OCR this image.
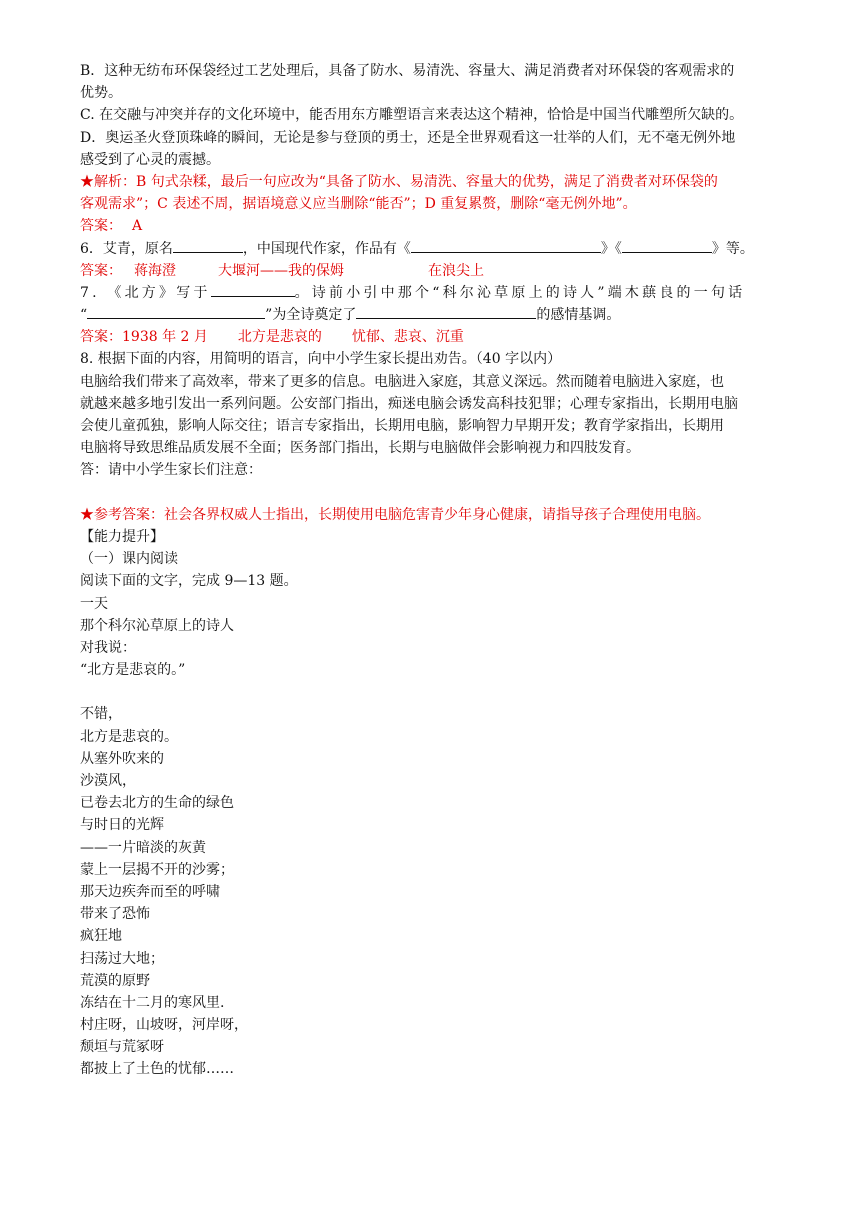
B．这种无纺布环保袋经过工艺处理后，具备了防水、易清洗、容量大、满足消费者对环保袋的客观需求的
优势。
C. 在交融与冲突并存的文化环境中，能否用东方雕塑语言来表达这个精神，恰恰是中国当代雕塑所欠缺的。
D．奥运圣火登顶珠峰的瞬间，无论是参与登顶的勇士，还是全世界观看这一壮举的人们，无不毫无例外地
感受到了心灵的震撼。
★解析：B 句式杂糅，最后一句应改为“具备了防水、易清洗、容量大的优势，满足了消费者对环保袋的
客观需求”；C 表述不周，据语境意义应当删除“能否”；D 重复累赘，删除“毫无例外地”。
答案： A
6．艾青，原名	，中国现代作家，作品有《	》《	》等。
答案： 蒋海澄	大堰河——我的保姆	在浪尖上
7. 《北方》写于	。诗前小引中那个“科尔沁草原上的诗人”端木蕻良的一句话
“	”为全诗奠定了	的感情基调。
答案：1938 年 2 月 北方是悲哀的 忧郁、悲哀、沉重
8. 根据下面的内容，用简明的语言，向中小学生家长提出劝告。（40 字以内）
电脑给我们带来了高效率，带来了更多的信息。电脑进入家庭，其意义深远。然而随着电脑进入家庭，也
就越来越多地引发出一系列问题。公安部门指出，痴迷电脑会诱发高科技犯罪；心理专家指出，长期用电脑
会使儿童孤独，影响人际交往；语言专家指出，长期用电脑，影响智力早期开发；教育学家指出，长期用
电脑将导致思维品质发展不全面；医务部门指出，长期与电脑做伴会影响视力和四肢发育。
答：请中小学生家长们注意：
★参考答案：社会各界权威人士指出，长期使用电脑危害青少年身心健康，请指导孩子合理使用电脑。
【能力提升】
（一）课内阅读
阅读下面的文字，完成 9—13 题。
一天
那个科尔沁草原上的诗人
对我说：
“北方是悲哀的。”
不错，
北方是悲哀的。
从塞外吹来的
沙漠风，
已卷去北方的生命的绿色
与时日的光辉
——一片暗淡的灰黄
蒙上一层揭不开的沙雾；
那天边疾奔而至的呼啸
带来了恐怖
疯狂地
扫荡过大地；
荒漠的原野
冻结在十二月的寒风里.
村庄呀，山坡呀，河岸呀，
颓垣与荒冢呀
都披上了土色的忧郁……
